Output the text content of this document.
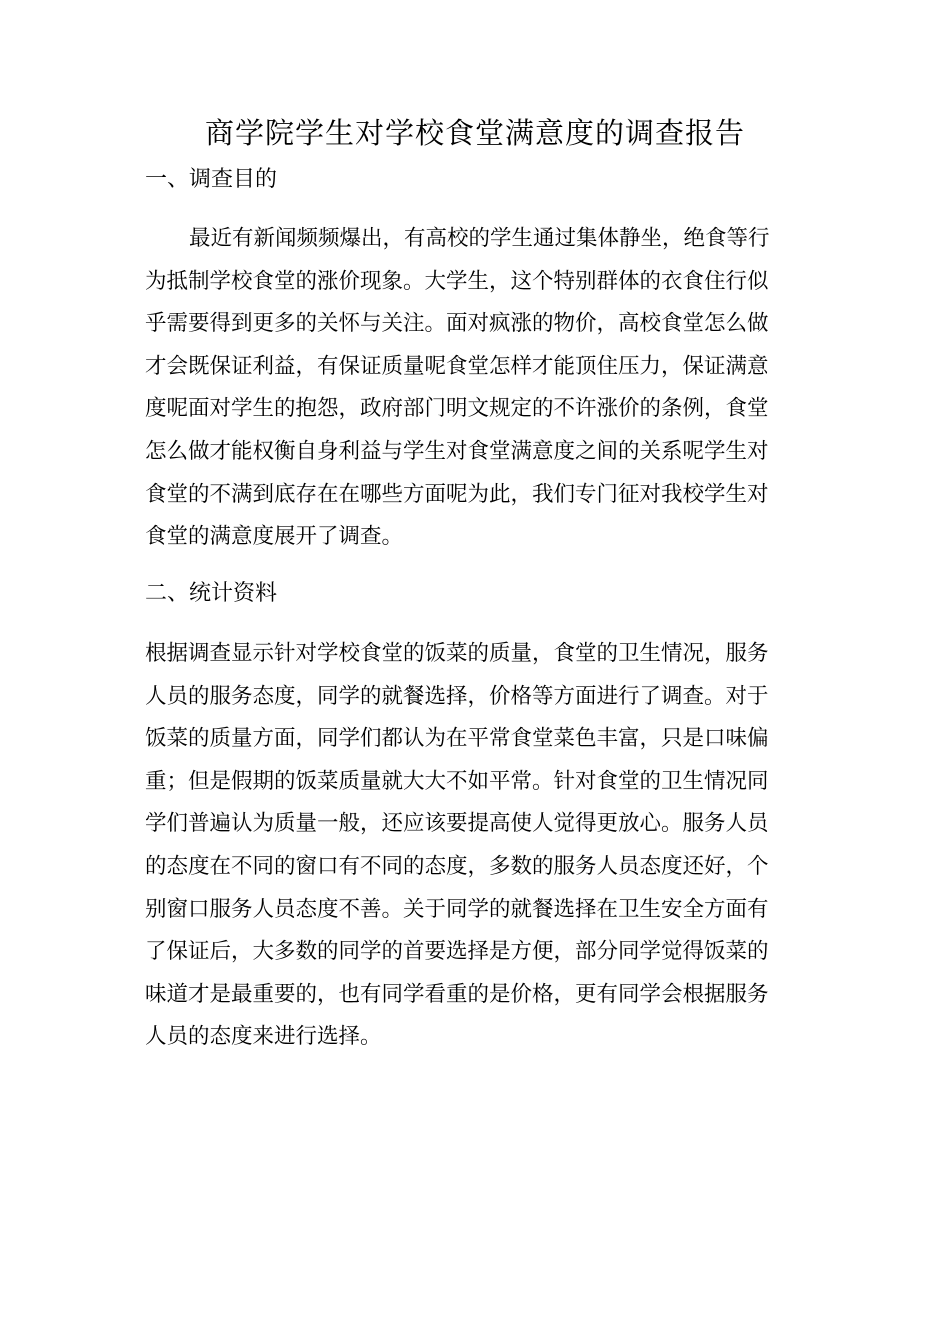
商学院学生对学校食堂满意度的调查报告
一、调查目的
最近有新闻频频爆出，有高校的学生通过集体静坐，绝食等行
为抵制学校食堂的涨价现象。大学生，这个特别群体的衣食住行似
乎需要得到更多的关怀与关注。面对疯涨的物价，高校食堂怎么做
才会既保证利益，有保证质量呢食堂怎样才能顶住压力，保证满意
度呢面对学生的抱怨，政府部门明文规定的不许涨价的条例，食堂
怎么做才能权衡自身利益与学生对食堂满意度之间的关系呢学生对
食堂的不满到底存在在哪些方面呢为此，我们专门征对我校学生对
食堂的满意度展开了调查。
二、统计资料
根据调查显示针对学校食堂的饭菜的质量，食堂的卫生情况，服务
人员的服务态度，同学的就餐选择，价格等方面进行了调查。对于
饭菜的质量方面，同学们都认为在平常食堂菜色丰富，只是口味偏
重；但是假期的饭菜质量就大大不如平常。针对食堂的卫生情况同
学们普遍认为质量一般，还应该要提高使人觉得更放心。服务人员
的态度在不同的窗口有不同的态度，多数的服务人员态度还好，个
别窗口服务人员态度不善。关于同学的就餐选择在卫生安全方面有
了保证后，大多数的同学的首要选择是方便，部分同学觉得饭菜的
味道才是最重要的，也有同学看重的是价格，更有同学会根据服务
人员的态度来进行选择。
